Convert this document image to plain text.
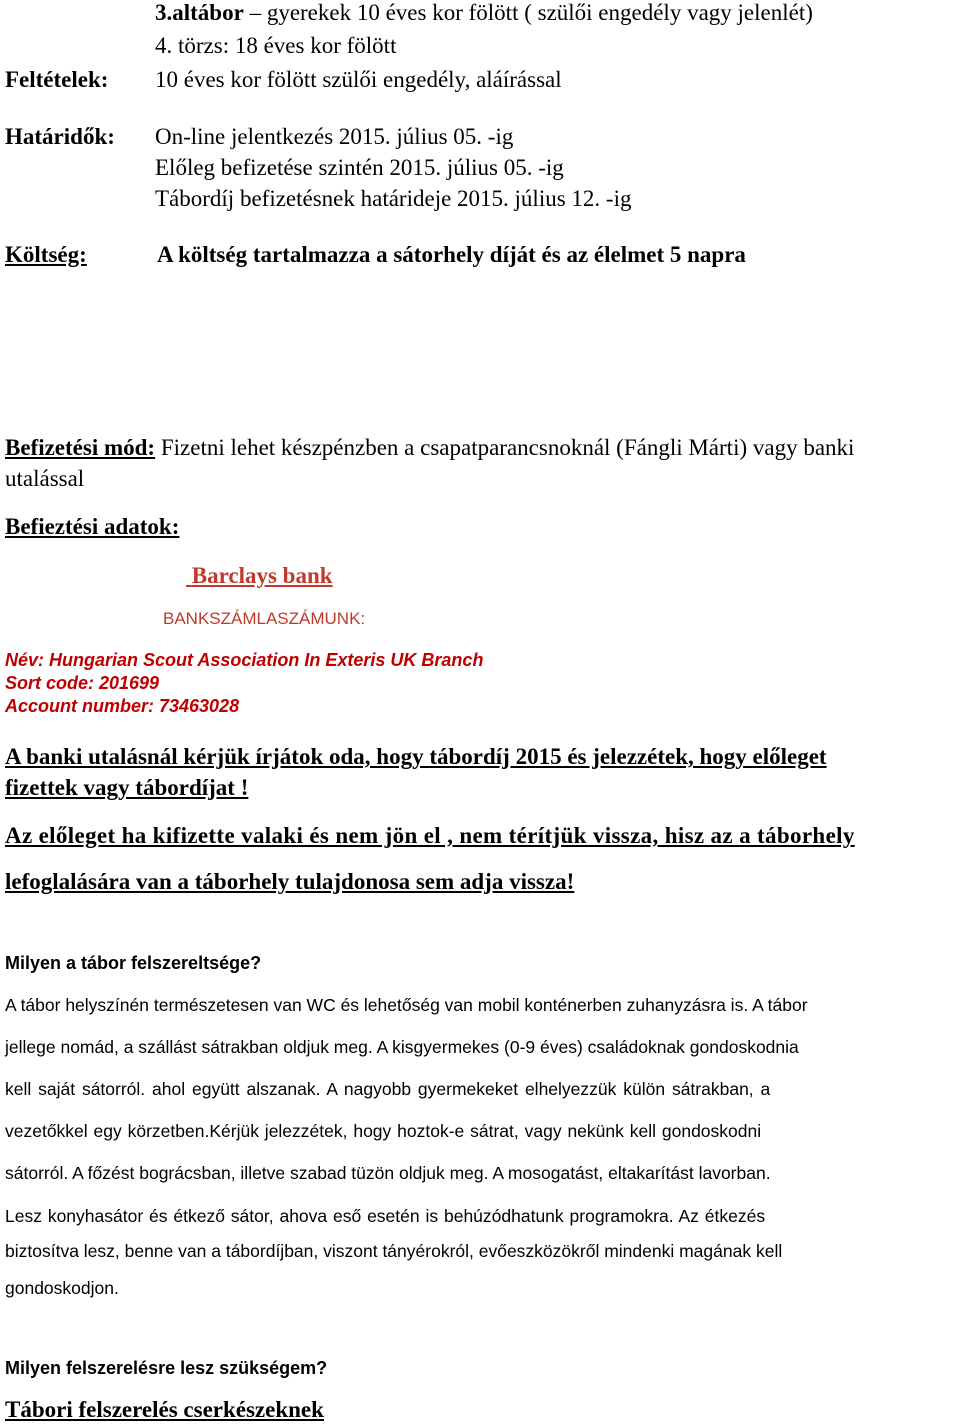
3.altábor – gyerekek 10 éves kor fölött ( szülői engedély vagy jelenlét)
4. törzs: 18 éves kor fölött
Feltételek: 10 éves kor fölött szülői engedély, aláírással
Határidők: On-line jelentkezés 2015. július 05. -ig
Előleg befizetése szintén 2015. július 05. -ig
Tábordíj befizetésnek határideje 2015. július 12. -ig
Költség:	A költség tartalmazza a sátorhely díját és az élelmet 5 napra
Befizetési mód: Fizetni lehet készpénzben a csapatparancsnoknál (Fángli Márti) vagy banki
utalással
Befieztési adatok:
Barclays bank
BANKSZÁMLASZÁMUNK:
Név: Hungarian Scout Association In Exteris UK Branch
Sort code: 201699
Account number: 73463028
A banki utalásnál kérjük írjátok oda, hogy tábordíj 2015 és jelezzétek, hogy előleget
fizettek vagy tábordíjat !
Az előleget ha kifizette valaki és nem jön el , nem térítjük vissza, hisz az a táborhely
lefoglalására van a táborhely tulajdonosa sem adja vissza!
Milyen a tábor felszereltsége?
A tábor helyszínén természetesen van WC és lehetőség van mobil konténerben zuhanyzásra is. A tábor
jellege nomád, a szállást sátrakban oldjuk meg. A kisgyermekes (0-9 éves) családoknak gondoskodnia
kell saját sátorról. ahol együtt alszanak. A nagyobb gyermekeket elhelyezzük külön sátrakban, a
vezetőkkel egy körzetben.Kérjük jelezzétek, hogy hoztok-e sátrat, vagy nekünk kell gondoskodni
sátorról. A főzést bográcsban, illetve szabad tüzön oldjuk meg. A mosogatást, eltakarítást lavorban.
Lesz konyhasátor és étkező sátor, ahova eső esetén is behúzódhatunk programokra. Az étkezés
biztosítva lesz, benne van a tábordíjban, viszont tányérokról, evőeszközökről mindenki magának kell
gondoskodjon.
Milyen felszerelésre lesz szükségem?
Tábori felszerelés cserkészeknek
